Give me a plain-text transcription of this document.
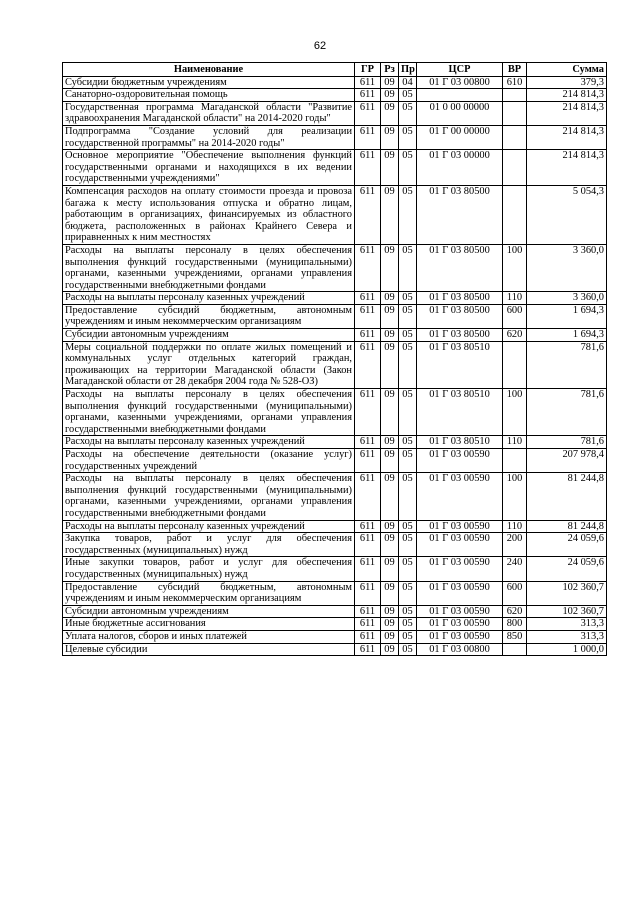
62
Наименование	ГР	Рз	Пр	ЦСР	ВР	Сумма
Субсидии бюджетным учреждениям	611	09	04	01 Г 03 00800	610	379,3
Санаторно-оздоровительная помощь	611	09	05			214 814,3
Государственная программа Магаданской области "Развитие здравоохранения Магаданской области" на 2014-2020 годы"	611	09	05	01 0 00 00000		214 814,3
Подпрограмма "Создание условий для реализации государственной программы" на 2014-2020 годы"	611	09	05	01 Г 00 00000		214 814,3
Основное мероприятие "Обеспечение выполнения функций государственными органами и находящихся в их ведении государственными учреждениями"	611	09	05	01 Г 03 00000		214 814,3
Компенсация расходов на оплату стоимости проезда и провоза багажа к месту использования отпуска и обратно лицам, работающим в организациях, финансируемых из областного бюджета, расположенных в районах Крайнего Севера и приравненных к ним местностях	611	09	05	01 Г 03 80500		5 054,3
Расходы на выплаты персоналу в целях обеспечения выполнения функций государственными (муниципальными) органами, казенными учреждениями, органами управления государственными внебюджетными фондами	611	09	05	01 Г 03 80500	100	3 360,0
Расходы на выплаты персоналу казенных учреждений	611	09	05	01 Г 03 80500	110	3 360,0
Предоставление субсидий бюджетным, автономным учреждениям и иным некоммерческим организациям	611	09	05	01 Г 03 80500	600	1 694,3
Субсидии автономным учреждениям	611	09	05	01 Г 03 80500	620	1 694,3
Меры социальной поддержки по оплате жилых помещений и коммунальных услуг отдельных категорий граждан, проживающих на территории Магаданской области (Закон Магаданской области от 28 декабря 2004 года № 528-ОЗ)	611	09	05	01 Г 03 80510		781,6
Расходы на выплаты персоналу в целях обеспечения выполнения функций государственными (муниципальными) органами, казенными учреждениями, органами управления государственными внебюджетными фондами	611	09	05	01 Г 03 80510	100	781,6
Расходы на выплаты персоналу казенных учреждений	611	09	05	01 Г 03 80510	110	781,6
Расходы на обеспечение деятельности (оказание услуг) государственных учреждений	611	09	05	01 Г 03 00590		207 978,4
Расходы на выплаты персоналу в целях обеспечения выполнения функций государственными (муниципальными) органами, казенными учреждениями, органами управления государственными внебюджетными фондами	611	09	05	01 Г 03 00590	100	81 244,8
Расходы на выплаты персоналу казенных учреждений	611	09	05	01 Г 03 00590	110	81 244,8
Закупка товаров, работ и услуг для обеспечения государственных (муниципальных) нужд	611	09	05	01 Г 03 00590	200	24 059,6
Иные закупки товаров, работ и услуг для обеспечения государственных (муниципальных) нужд	611	09	05	01 Г 03 00590	240	24 059,6
Предоставление субсидий бюджетным, автономным учреждениям и иным некоммерческим организациям	611	09	05	01 Г 03 00590	600	102 360,7
Субсидии автономным учреждениям	611	09	05	01 Г 03 00590	620	102 360,7
Иные бюджетные ассигнования	611	09	05	01 Г 03 00590	800	313,3
Уплата налогов, сборов и иных платежей	611	09	05	01 Г 03 00590	850	313,3
Целевые субсидии	611	09	05	01 Г 03 00800		1 000,0
